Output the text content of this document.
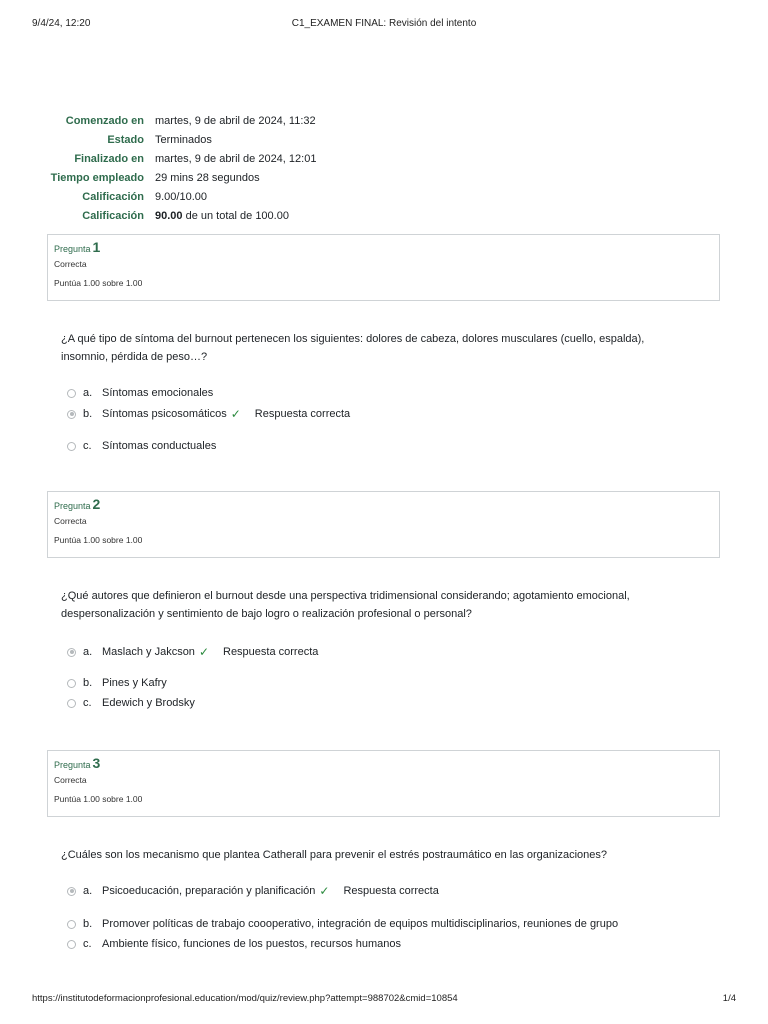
9/4/24, 12:20	C1_EXAMEN FINAL: Revisión del intento
Comenzado en	martes, 9 de abril de 2024, 11:32
Estado	Terminados
Finalizado en	martes, 9 de abril de 2024, 12:01
Tiempo empleado	29 mins 28 segundos
Calificación	9.00/10.00
Calificación	90.00 de un total de 100.00
Pregunta 1
Correcta
Puntúa 1.00 sobre 1.00
¿A qué tipo de síntoma del burnout pertenecen los siguientes: dolores de cabeza, dolores musculares (cuello, espalda), insomnio, pérdida de peso…?
a. Síntomas emocionales
b. Síntomas psicosomáticos ✓ Respuesta correcta
c. Síntomas conductuales
Pregunta 2
Correcta
Puntúa 1.00 sobre 1.00
¿Qué autores que definieron el burnout desde una perspectiva tridimensional considerando; agotamiento emocional, despersonalización y sentimiento de bajo logro o realización profesional o personal?
a. Maslach y Jakcson ✓ Respuesta correcta
b. Pines y Kafry
c. Edewich y Brodsky
Pregunta 3
Correcta
Puntúa 1.00 sobre 1.00
¿Cuáles son los mecanismo que plantea Catherall para prevenir el estrés postraumático en las organizaciones?
a. Psicoeducación, preparación y planificación ✓ Respuesta correcta
b. Promover políticas de trabajo coooperativo, integración de equipos multidisciplinarios, reuniones de grupo
c. Ambiente físico, funciones de los puestos, recursos humanos
https://institutodeformacionprofesional.education/mod/quiz/review.php?attempt=988702&cmid=10854	1/4
